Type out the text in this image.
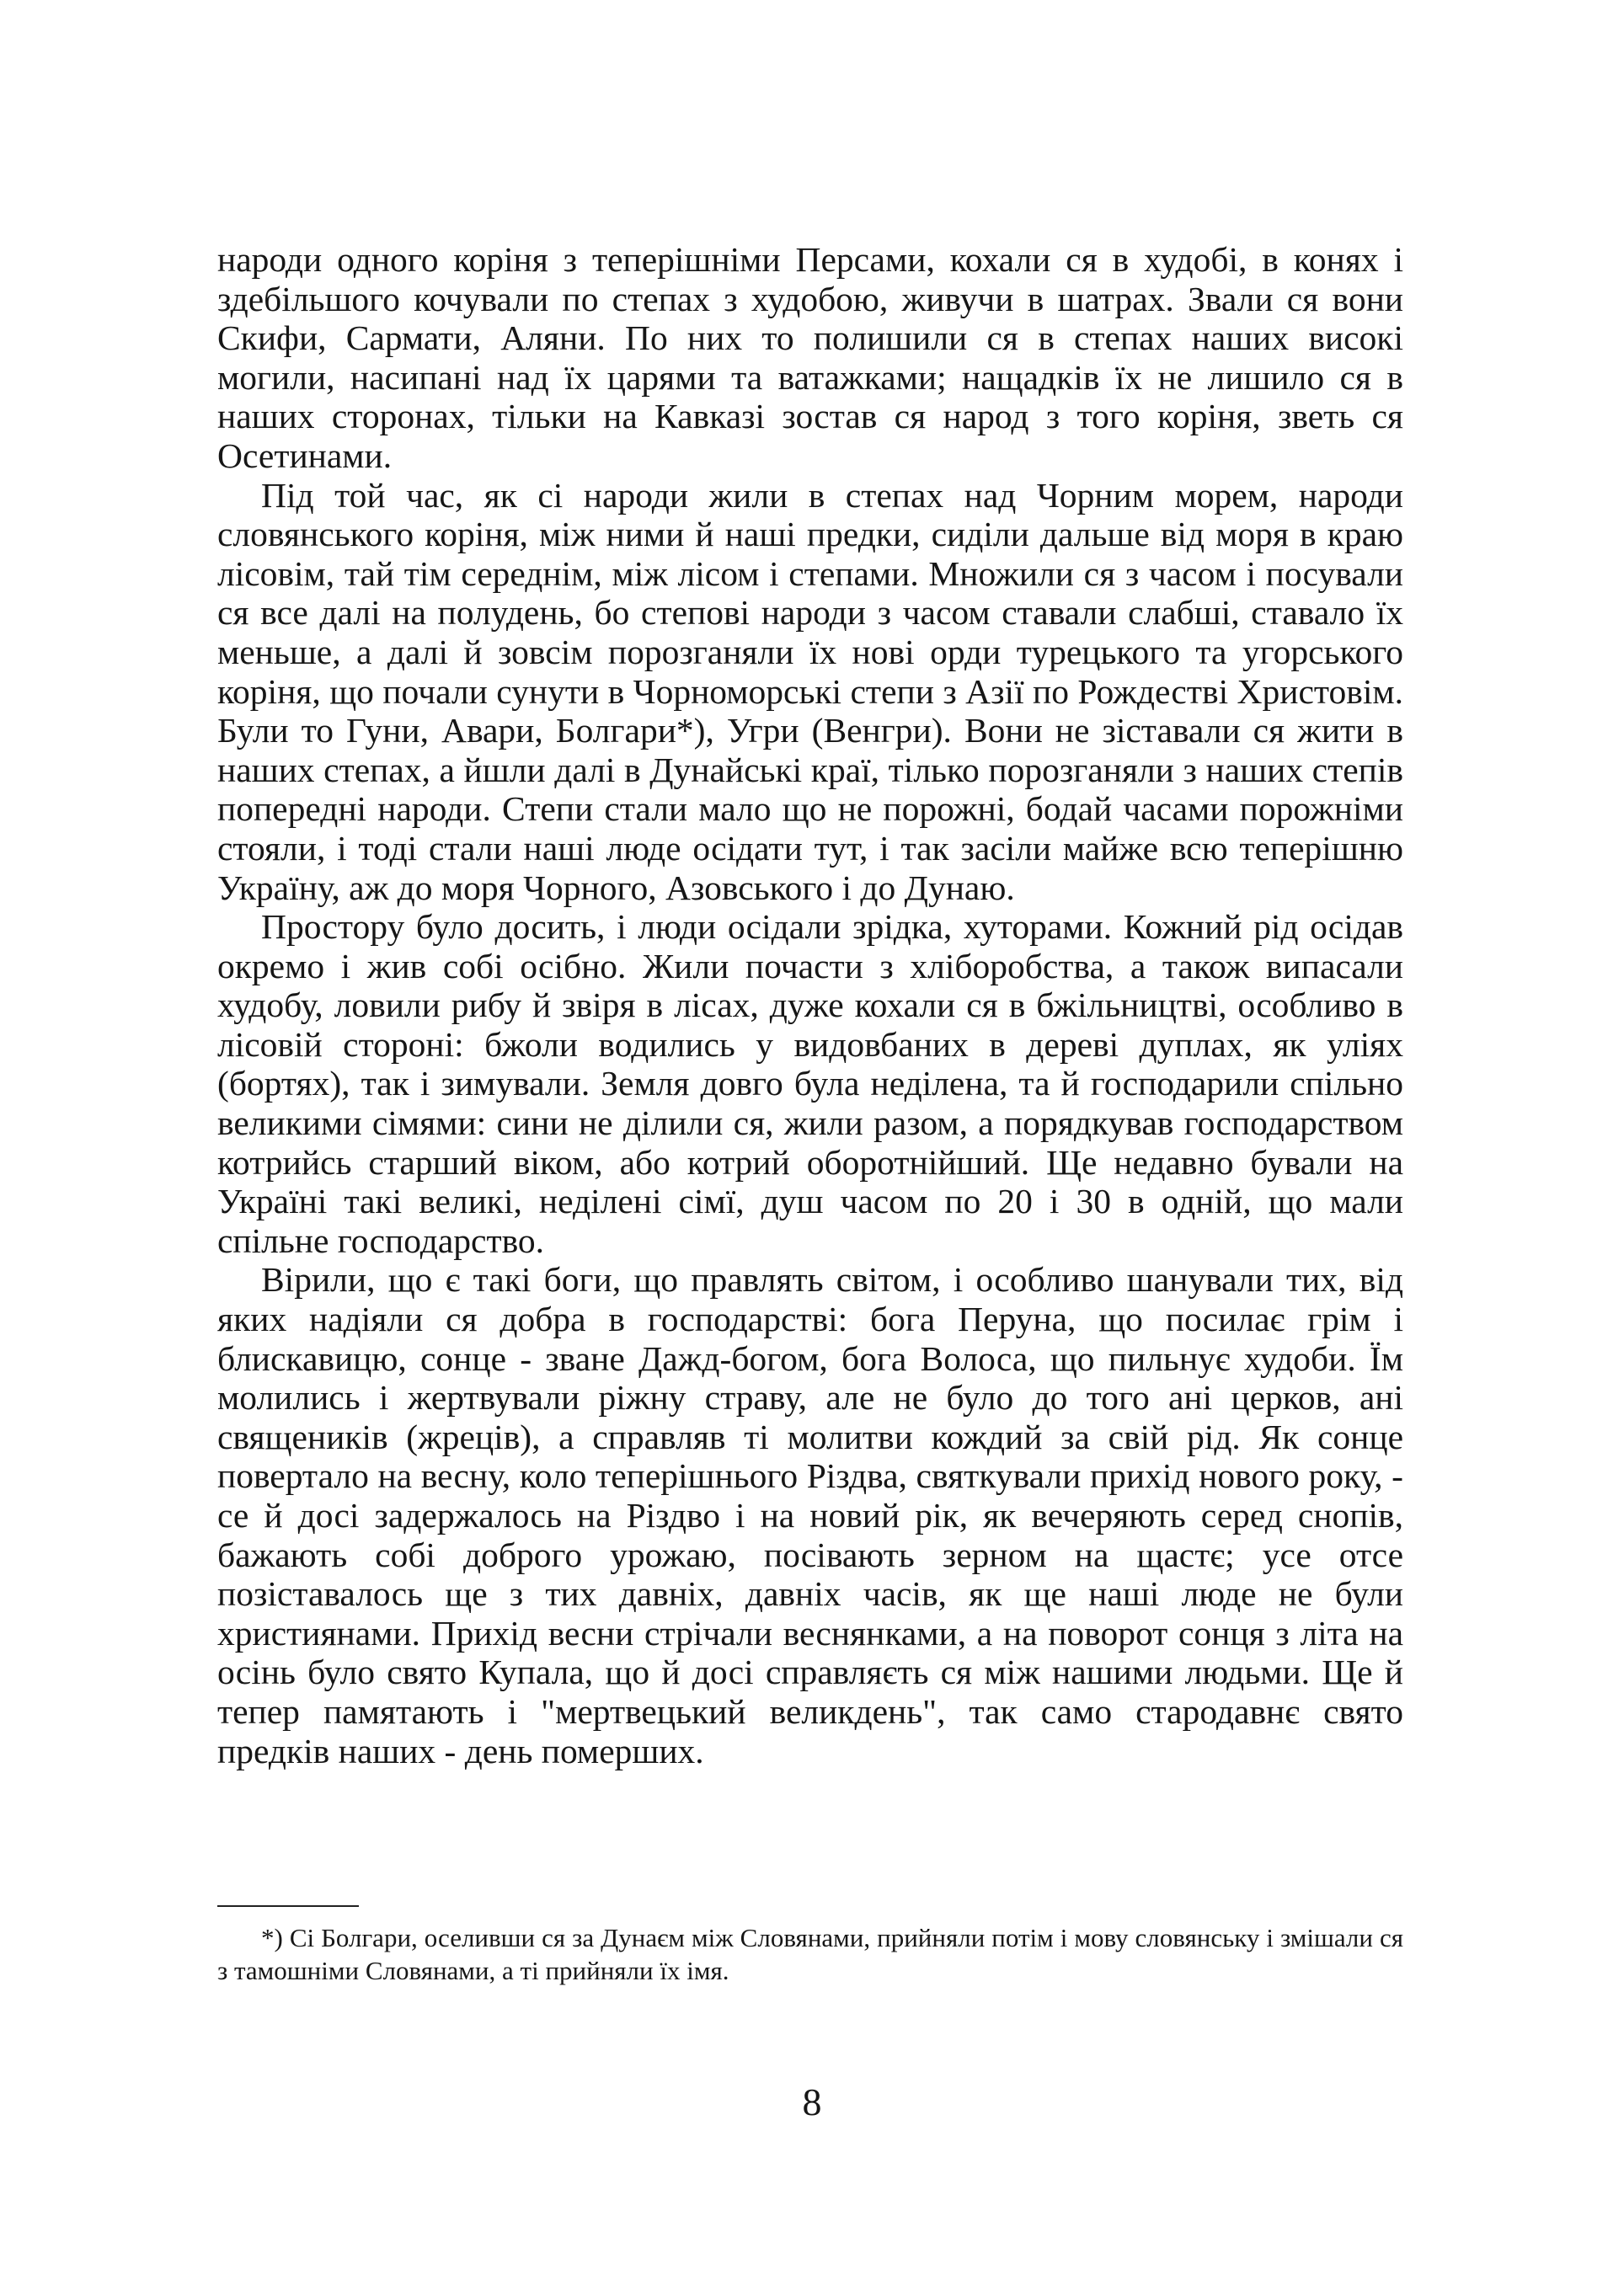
народи одного коріня з теперішніми Персами, кохали ся в худобі, в конях і здебільшого кочували по степах з худобою, живучи в шатрах. Звали ся вони Скифи, Сармати, Аляни. По них то полишили ся в степах наших високі могили, насипані над їх царями та ватажками; нащадків їх не лишило ся в наших сторонах, тільки на Кавказі зостав ся народ з того коріня, зветь ся Осетинами.

Під той час, як сі народи жили в степах над Чорним морем, народи словянського коріня, між ними й наші предки, сиділи дальше від моря в краю лісовім, тай тім середнім, між лісом і степами. Множили ся з часом і посували ся все далі на полудень, бо степові народи з часом ставали слабші, ставало їх меньше, а далі й зовсім порозганяли їх нові орди турецького та угорського коріня, що почали сунути в Чорноморські степи з Азії по Рождестві Христовім. Були то Гуни, Авари, Болгари*), Угри (Венгри). Вони не зіставали ся жити в наших степах, а йшли далі в Дунайські краї, тілько порозганяли з наших степів попередні народи. Степи стали мало що не порожні, бодай часами порожніми стояли, і тоді стали наші люде осідати тут, і так засіли майже всю теперішню Україну, аж до моря Чорного, Азовського і до Дунаю.

Простору було досить, і люди осідали зрідка, хуторами. Кожний рід осідав окремо і жив собі осібно. Жили почасти з хліборобства, а також випасали худобу, ловили рибу й звіря в лісах, дуже кохали ся в бжільництві, особливо в лісовій стороні: бжоли водились у видовбаних в дереві дуплах, як уліях (бортях), так і зимували. Земля довго була неділена, та й господарили спільно великими сімями: сини не ділили ся, жили разом, а порядкував господарством котрийсь старший віком, або котрий оборотнійший. Ще недавно бували на Україні такі великі, неділені сімї, душ часом по 20 і 30 в одній, що мали спільне господарство.

Вірили, що є такі боги, що правлять світом, і особливо шанували тих, від яких надіяли ся добра в господарстві: бога Перуна, що посилає грім і блискавицю, сонце - зване Дажд-богом, бога Волоса, що пильнує худоби. Їм молились і жертвували ріжну страву, але не було до того ані церков, ані священиків (жреців), а справляв ті молитви кождий за свій рід. Як сонце повертало на весну, коло теперішнього Різдва, святкували прихід нового року, - се й досі задержалось на Різдво і на новий рік, як вечеряють серед снопів, бажають собі доброго урожаю, посівають зерном на щастє; усе отсе позіставалось ще з тих давніх, давніх часів, як ще наші люде не були християнами. Прихід весни стрічали веснянками, а на поворот сонця з літа на осінь було свято Купала, що й досі справляєть ся між нашими людьми. Ще й тепер памятають і "мертвецький великдень", так само стародавнє свято предків наших - день померших.

*) Сі Болгари, оселивши ся за Дунаєм між Словянами, прийняли потім і мову словянську і змішали ся з тамошніми Словянами, а ті прийняли їх імя.

8
